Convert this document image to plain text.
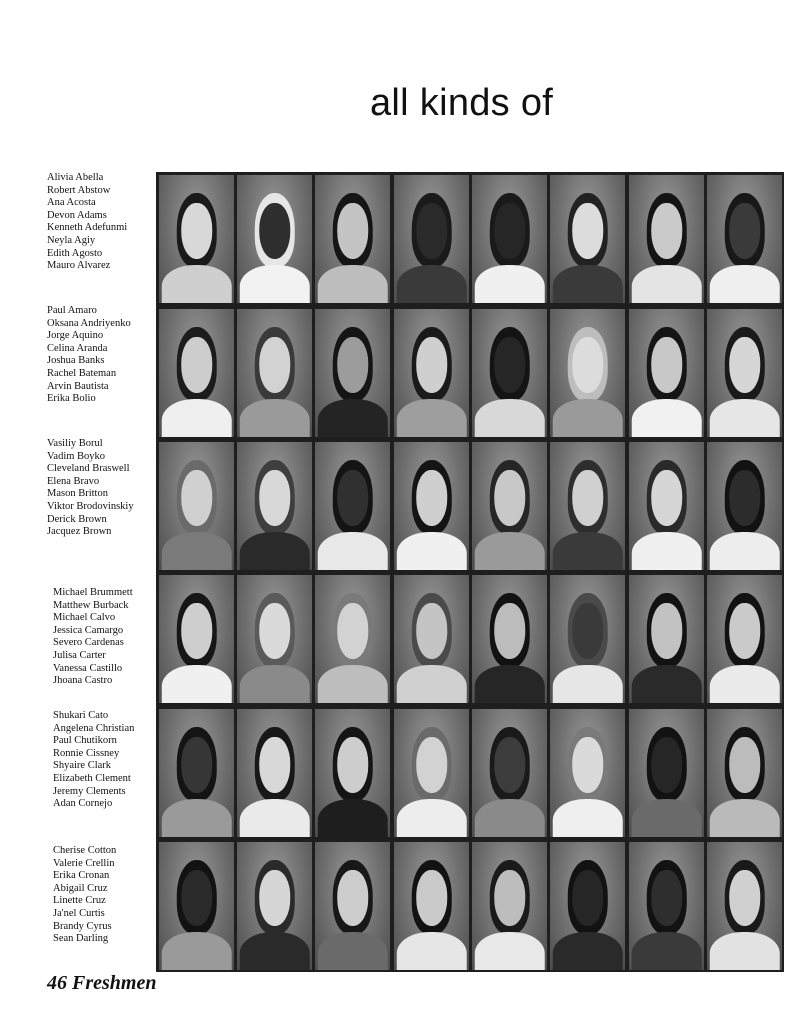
all kinds of
Alivia Abella
Robert Abstow
Ana Acosta
Devon Adams
Kenneth Adefunmi
Neyla Agiy
Edith Agosto
Mauro Alvarez
Paul Amaro
Oksana Andriyenko
Jorge Aquino
Celina Aranda
Joshua Banks
Rachel Bateman
Arvin Bautista
Erika Bolio
Vasiliy Borul
Vadim Boyko
Cleveland Braswell
Elena Bravo
Mason Britton
Viktor Brodovinskiy
Derick Brown
Jacquez Brown
Michael Brummett
Matthew Burback
Michael Calvo
Jessica Camargo
Severo Cardenas
Julisa Carter
Vanessa Castillo
Jhoana Castro
Shukari Cato
Angelena Christian
Paul Chutikorn
Ronnie Cissney
Shyaire Clark
Elizabeth Clement
Jeremy Clements
Adan Cornejo
Cherise Cotton
Valerie Crellin
Erika Cronan
Abigail Cruz
Linette Cruz
Ja'nel Curtis
Brandy Cyrus
Sean Darling
46 Freshmen
